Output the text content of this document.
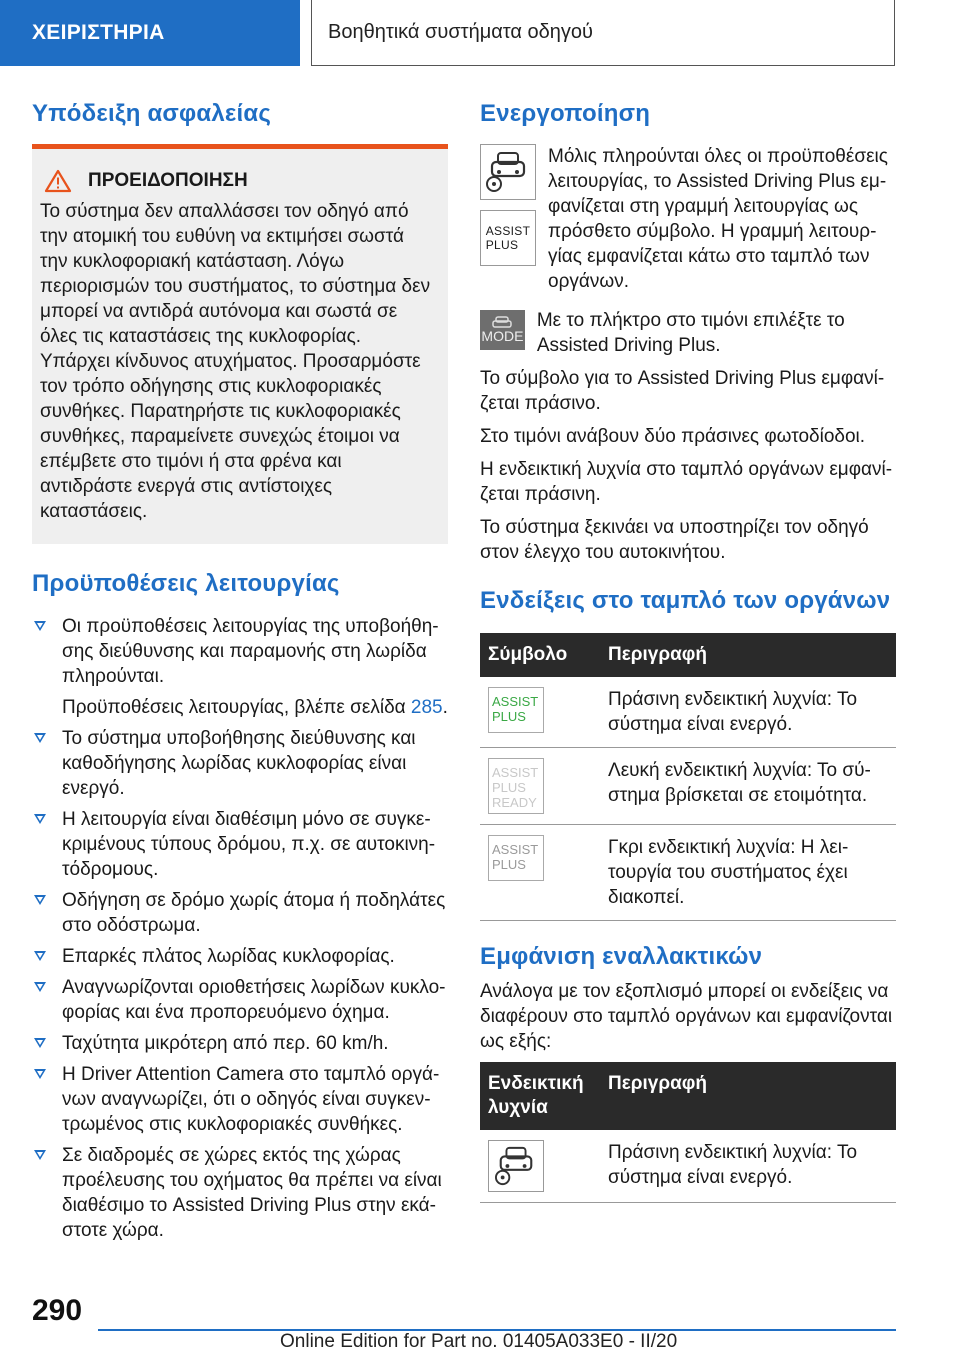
ΧΕΙΡΙΣΤΗΡΙΑ	Βοηθητικά συστήματα οδηγού
Υπόδειξη ασφαλείας
ΠΡΟΕΙΔΟΠΟΙΗΣΗ

Το σύστημα δεν απαλλάσσει τον οδηγό από την ατομική του ευθύνη να εκτιμήσει σωστά την κυκλοφοριακή κατάσταση. Λόγω περιορισμών του συστήματος, το σύστημα δεν μπορεί να αντιδρά αυτόνομα και σωστά σε όλες τις καταστάσεις της κυκλοφορίας. Υπάρχει κίνδυνος ατυχήματος. Προσαρμόστε τον τρόπο οδήγησης στις κυκλοφοριακές συνθήκες. Παρατηρήστε τις κυκλοφοριακές συνθήκες, παραμείνετε συνεχώς έτοιμοι να επέμβετε στο τιμόνι ή στα φρένα και αντιδράστε ενεργά στις αντίστοιχες καταστάσεις.

Προϋποθέσεις λειτουργίας
Οι προϋποθέσεις λειτουργίας της υποβοήθησης διεύθυνσης και παραμονής στη λωρίδα πληρούνται.
Προϋποθέσεις λειτουργίας, βλέπε σελίδα 285.
Το σύστημα υποβοήθησης διεύθυνσης και καθοδήγησης λωρίδας κυκλοφορίας είναι ενεργό.
Η λειτουργία είναι διαθέσιμη μόνο σε συγκεκριμένους τύπους δρόμου, π.χ. σε αυτοκινητόδρομους.
Οδήγηση σε δρόμο χωρίς άτομα ή ποδηλάτες στο οδόστρωμα.
Επαρκές πλάτος λωρίδας κυκλοφορίας.
Αναγνωρίζονται οριοθετήσεις λωρίδων κυκλοφορίας και ένα προπορευόμενο όχημα.
Ταχύτητα μικρότερη από περ. 60 km/h.
Η Driver Attention Camera στο ταμπλό οργάνων αναγνωρίζει, ότι ο οδηγός είναι συγκεντρωμένος στις κυκλοφοριακές συνθήκες.
Σε διαδρομές σε χώρες εκτός της χώρας προέλευσης του οχήματος θα πρέπει να είναι διαθέσιμο το Assisted Driving Plus στην εκάστοτε χώρα.
Ενεργοποίηση
ASSIST
PLUS

Μόλις πληρούνται όλες οι προϋποθέσεις λειτουργίας, το Assisted Driving Plus εμφανίζεται στη γραμμή λειτουργίας ως πρόσθετο σύμβολο. Η γραμμή λειτουργίας εμφανίζεται κάτω στο ταμπλό των οργάνων.

MODE

Με το πλήκτρο στο τιμόνι επιλέξτε το Assisted Driving Plus.

Το σύμβολο για το Assisted Driving Plus εμφανίζεται πράσινο.

Στο τιμόνι ανάβουν δύο πράσινες φωτοδίοδοι.

Η ενδεικτική λυχνία στο ταμπλό οργάνων εμφανίζεται πράσινη.

Το σύστημα ξεκινάει να υποστηρίζει τον οδηγό στον έλεγχο του αυτοκινήτου.

Ενδείξεις στο ταμπλό των οργάνων
Σύμβολο	Περιγραφή

ASSIST
PLUS	Πράσινη ενδεικτική λυχνία: Το σύστημα είναι ενεργό.

ASSIST
PLUS
READY	Λευκή ενδεικτική λυχνία: Το σύστημα βρίσκεται σε ετοιμότητα.

ASSIST
PLUS	Γκρι ενδεικτική λυχνία: Η λειτουργία του συστήματος έχει διακοπεί.
Εμφάνιση εναλλακτικών

Ανάλογα με τον εξοπλισμό μπορεί οι ενδείξεις να διαφέρουν στο ταμπλό οργάνων και εμφανίζονται ως εξής:

Ενδεικτική λυχνία	Περιγραφή

	Πράσινη ενδεικτική λυχνία: Το σύστημα είναι ενεργό.
290
Online Edition for Part no. 01405A033E0 - II/20
